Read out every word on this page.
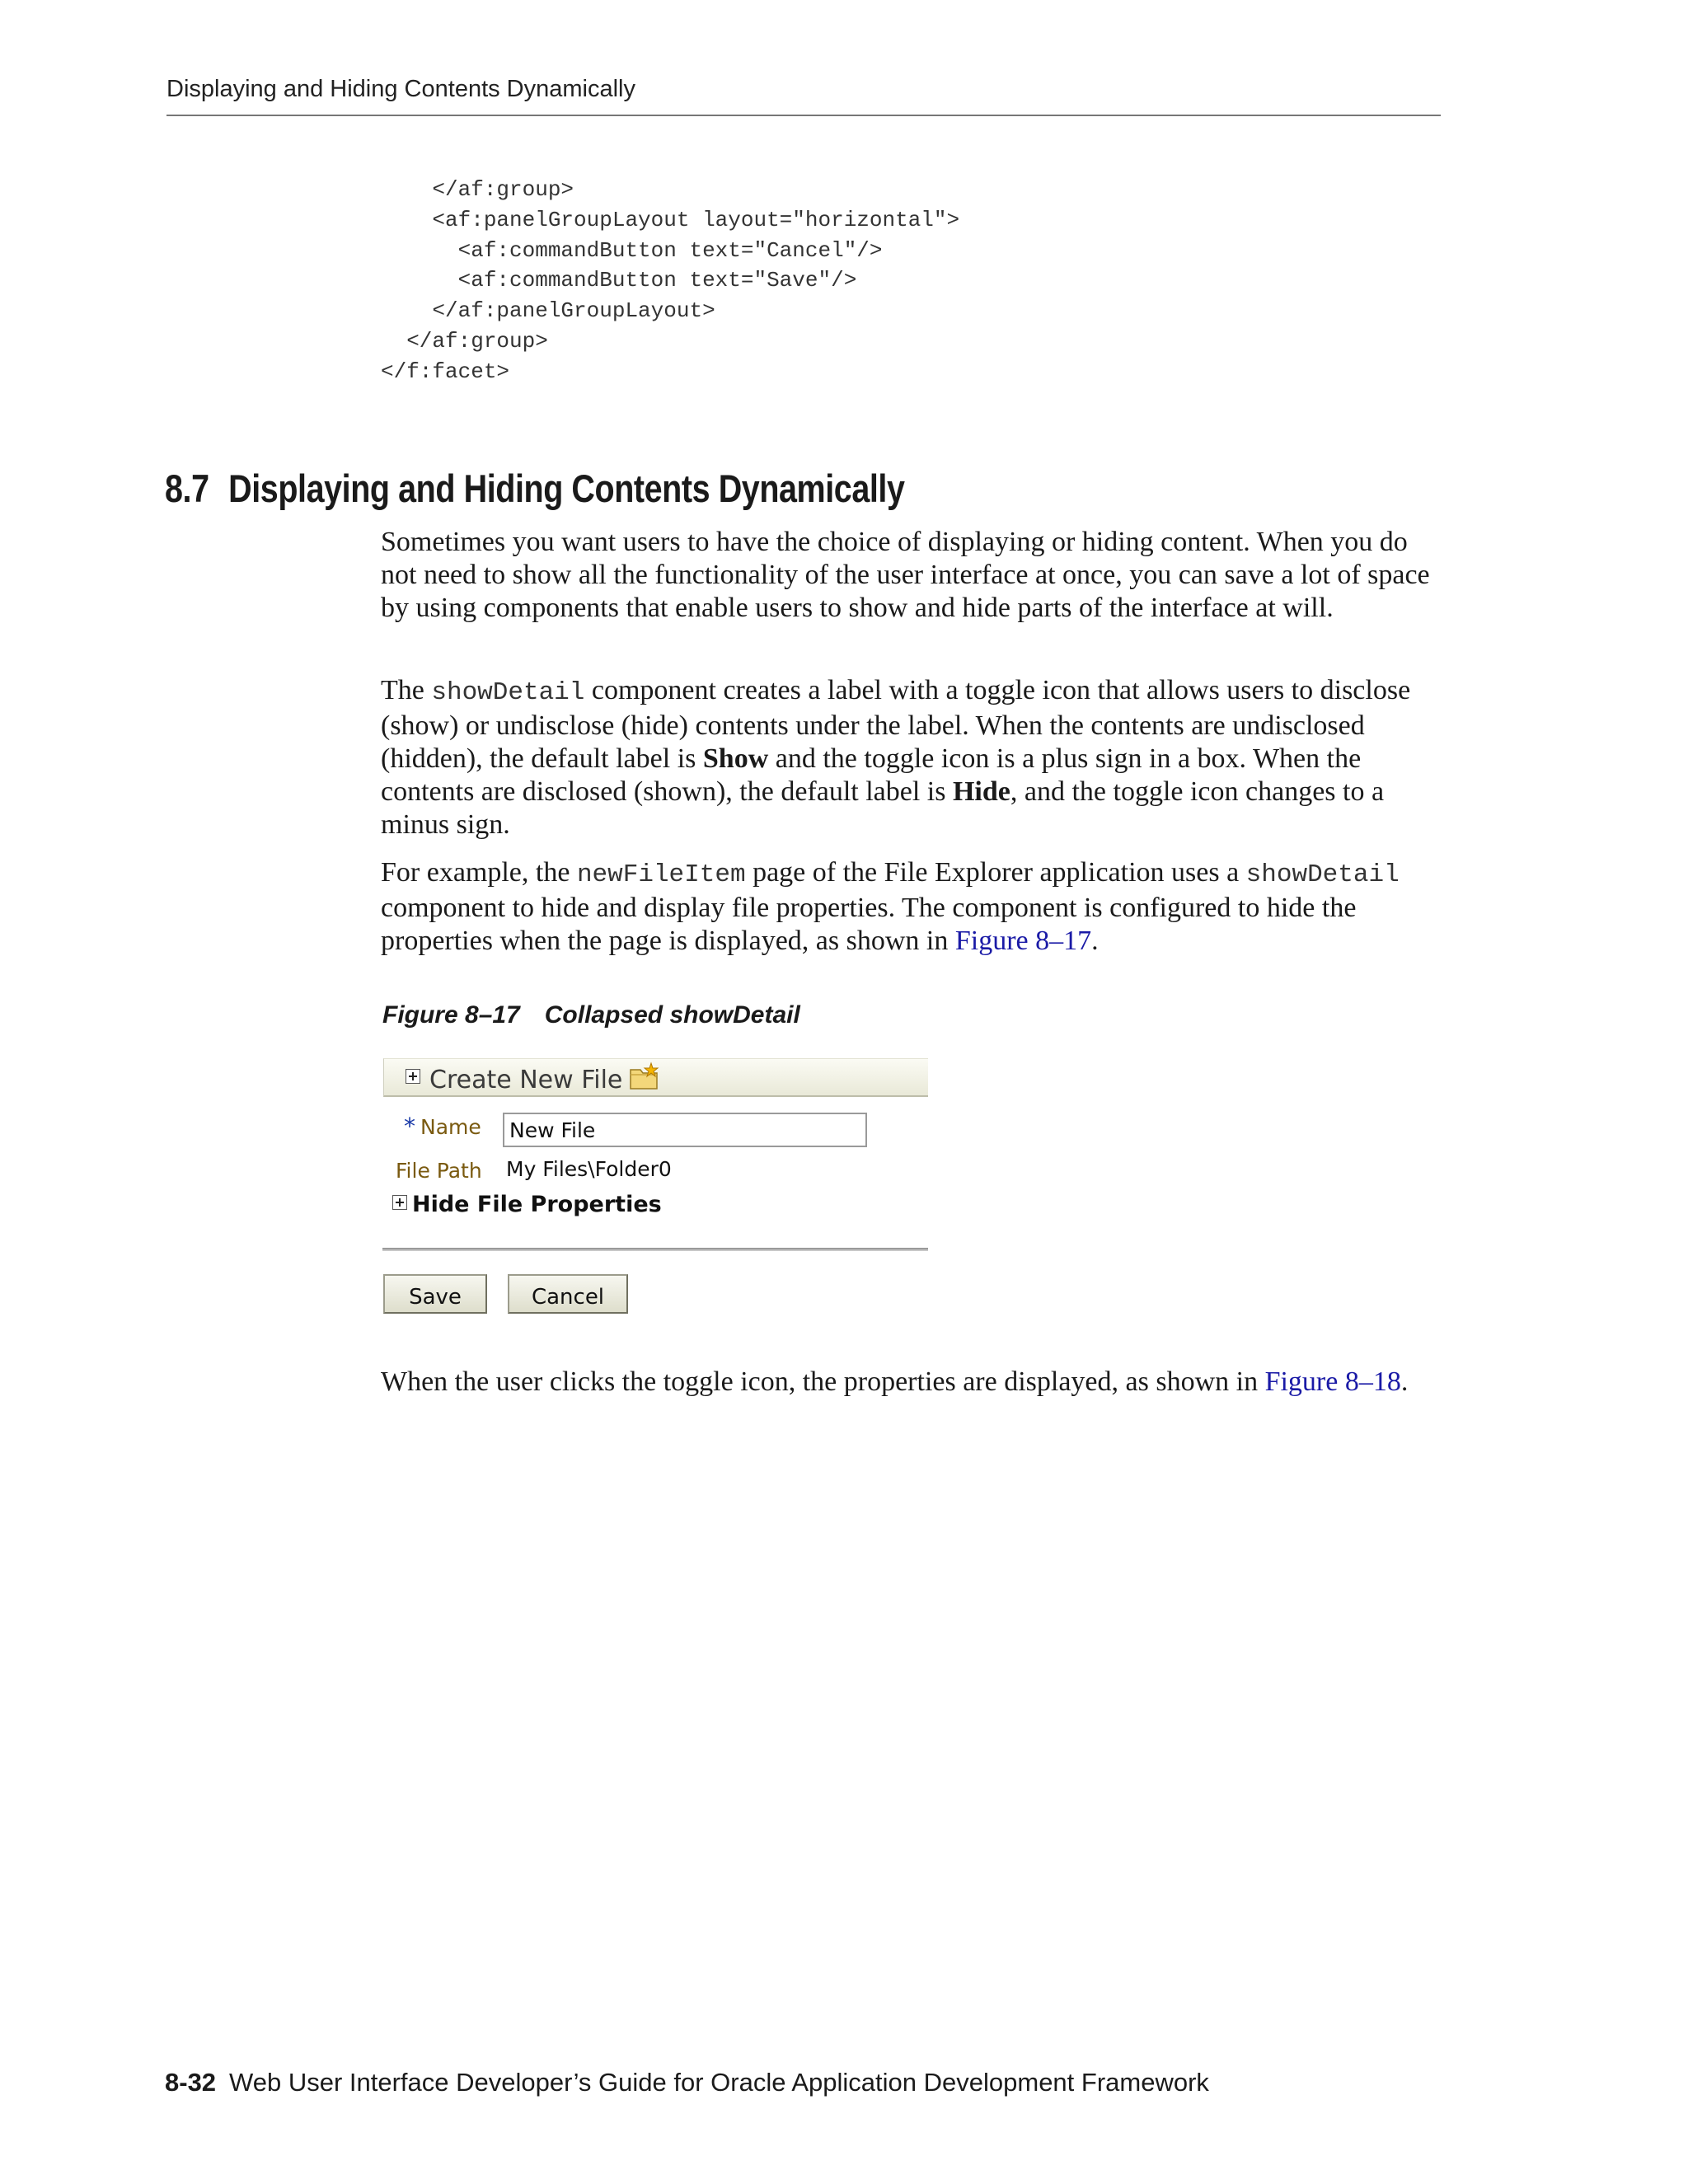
Displaying and Hiding Contents Dynamically
</af:group>
<af:panelGroupLayout layout="horizontal">
<af:commandButton text="Cancel"/>
<af:commandButton text="Save"/>
</af:panelGroupLayout>
</af:group>
</f:facet>
8.7 Displaying and Hiding Contents Dynamically

Sometimes you want users to have the choice of displaying or hiding content. When you do not need to show all the functionality of the user interface at once, you can save a lot of space by using components that enable users to show and hide parts of the interface at will.

The showDetail component creates a label with a toggle icon that allows users to disclose (show) or undisclose (hide) contents under the label. When the contents are undisclosed (hidden), the default label is Show and the toggle icon is a plus sign in a box. When the contents are disclosed (shown), the default label is Hide, and the toggle icon changes to a minus sign.

For example, the newFileItem page of the File Explorer application uses a showDetail component to hide and display file properties. The component is configured to hide the properties when the page is displayed, as shown in Figure 8–17.

Figure 8–17 Collapsed showDetail

Create New File
* Name
New File
File Path My Files\Folder0
Hide File Properties
Save	Cancel

When the user clicks the toggle icon, the properties are displayed, as shown in Figure 8–18.

8-32 Web User Interface Developer’s Guide for Oracle Application Development Framework
